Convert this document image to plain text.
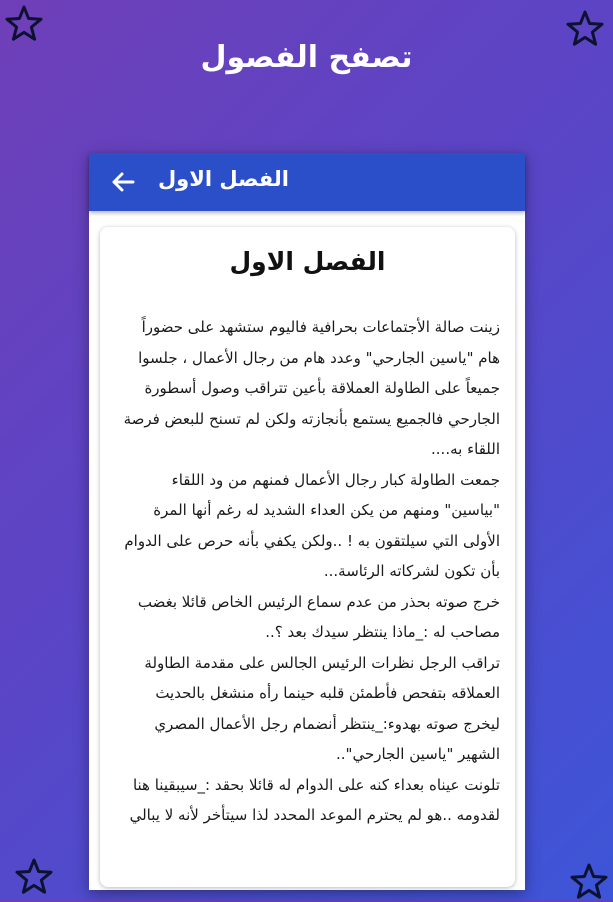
تصفح الفصول
الفصل الاول
الفصل الاول

زينت صالة الأجتماعات بحرافية فاليوم ستشهد على حضوراً هام "ياسين الجارحي" وعدد هام من رجال الأعمال ، جلسوا جميعاً على الطاولة العملاقة بأعين تتراقب وصول أسطورة الجارحي فالجميع يستمع بأنجازته ولكن لم تسنح للبعض فرصة اللقاء به....

جمعت الطاولة كبار رجال الأعمال فمنهم من ود اللقاء "بياسين" ومنهم من يكن العداء الشديد له رغم أنها المرة الأولى التي سيلتقون به ! ..ولكن يكفي بأنه حرص على الدوام بأن تكون لشركاته الرئاسة...

خرج صوته بحذر من عدم سماع الرئيس الخاص قائلا بغضب مصاحب له :_ماذا ينتظر سيدك بعد ؟..

تراقب الرجل نظرات الرئيس الجالس على مقدمة الطاولة العملاقه بتفحص فأطمئن قلبه حينما رأه منشغل بالحديث ليخرج صوته بهدوء:_ينتظر أنضمام رجل الأعمال المصري الشهير "ياسين الجارحي"..

تلونت عيناه بعداء كنه على الدوام له قائلا بحقد :_سيبقينا هنا لقدومه ..هو لم يحترم الموعد المحدد لذا سيتأخر لأنه لا يبالي
